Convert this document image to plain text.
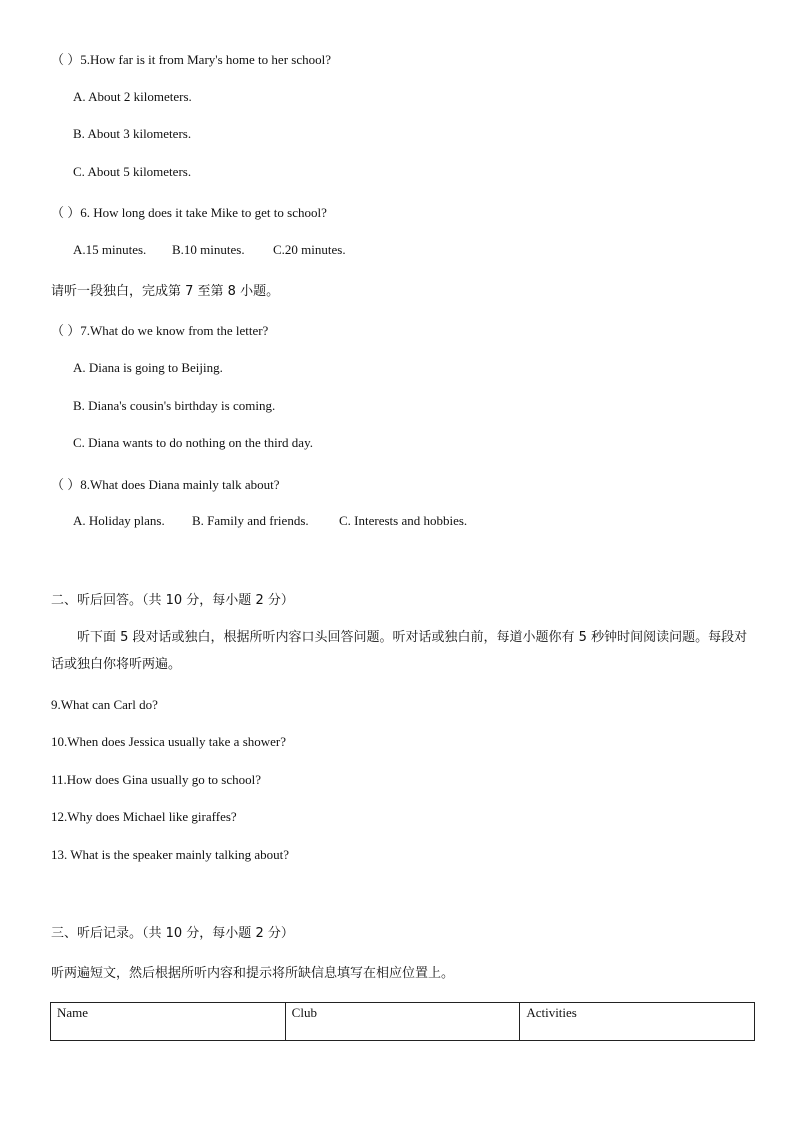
（ ）5.How far is it from Mary's home to her school?
A. About 2 kilometers.
B. About 3 kilometers.
C. About 5 kilometers.
（ ）6. How long does it take Mike to get to school?
A.15 minutes. B.10 minutes. C.20 minutes.
请听一段独白，完成第 7 至第 8 小题。
（ ）7.What do we know from the letter?
A. Diana is going to Beijing.
B. Diana's cousin's birthday is coming.
C. Diana wants to do nothing on the third day.
（ ）8.What does Diana mainly talk about?
A. Holiday plans. B. Family and friends. C. Interests and hobbies.
二、听后回答。（共 10 分，每小题 2 分）
听下面 5 段对话或独白，根据所听内容口头回答问题。听对话或独白前，每道小题你有 5 秒钟时间阅读问题。每段对话或独白你将听两遍。
9.What can Carl do?
10.When does Jessica usually take a shower?
11.How does Gina usually go to school?
12.Why does Michael like giraffes?
13. What is the speaker mainly talking about?
三、听后记录。（共 10 分，每小题 2 分）
听两遍短文，然后根据所听内容和提示将所缺信息填写在相应位置上。
Name	Club	Activities
